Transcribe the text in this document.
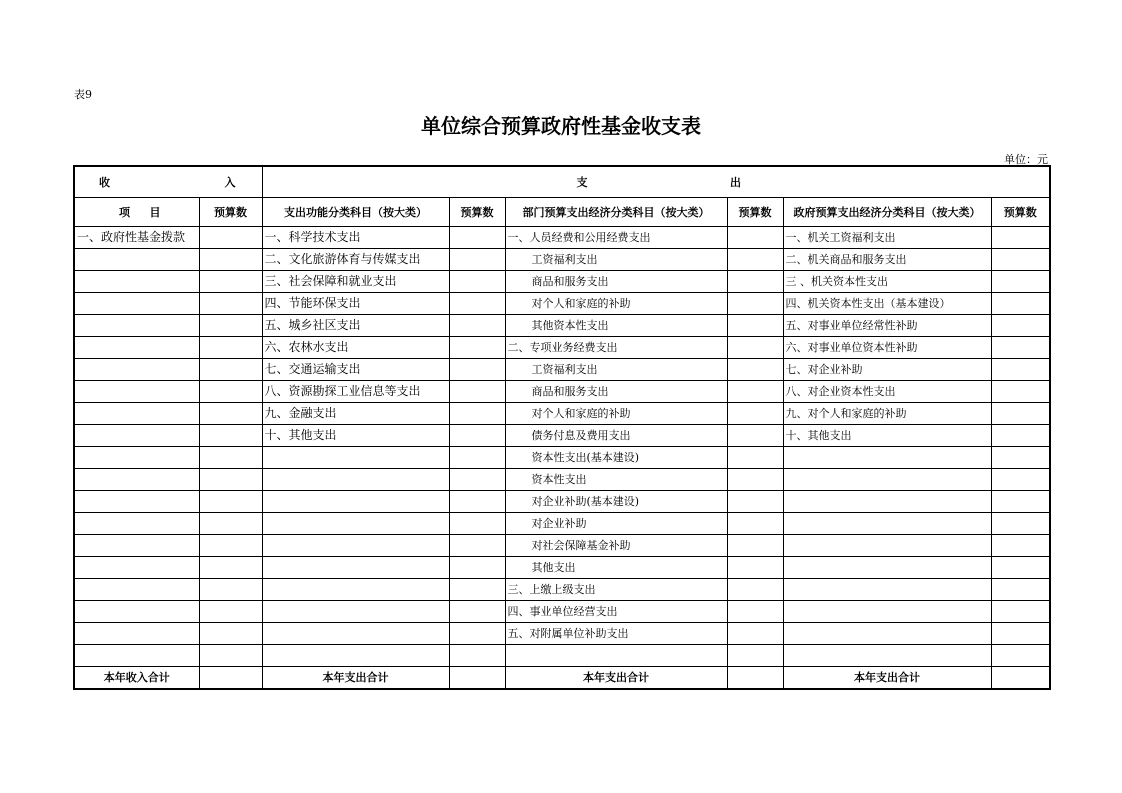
表9
单位综合预算政府性基金收支表
单位：元
收 入		支 出					

项 目	预算数	支出功能分类科目（按大类）	预算数	部门预算支出经济分类科目（按大类）	预算数	政府预算支出经济分类科目（按大类）	预算数
一、政府性基金拨款		一、科学技术支出		一、人员经费和公用经费支出		一、机关工资福利支出	
		二、文化旅游体育与传媒支出		工资福利支出		二、机关商品和服务支出	
		三、社会保障和就业支出		商品和服务支出		三 、机关资本性支出	
		四、节能环保支出		对个人和家庭的补助		四、机关资本性支出（基本建设）	
		五、城乡社区支出		其他资本性支出		五、对事业单位经常性补助	
		六、农林水支出		二、专项业务经费支出		六、对事业单位资本性补助	
		七、交通运输支出		工资福利支出		七、对企业补助	
		八、资源勘探工业信息等支出		商品和服务支出		八、对企业资本性支出	
		九、金融支出		对个人和家庭的补助		九、对个人和家庭的补助	
		十、其他支出		债务付息及费用支出		十、其他支出	
				资本性支出(基本建设)			
				资本性支出			
				对企业补助(基本建设)			
				对企业补助			
				对社会保障基金补助			
				其他支出			
				三、上缴上级支出			
				四、事业单位经营支出			
				五、对附属单位补助支出			

本年收入合计		本年支出合计		本年支出合计		本年支出合计	
